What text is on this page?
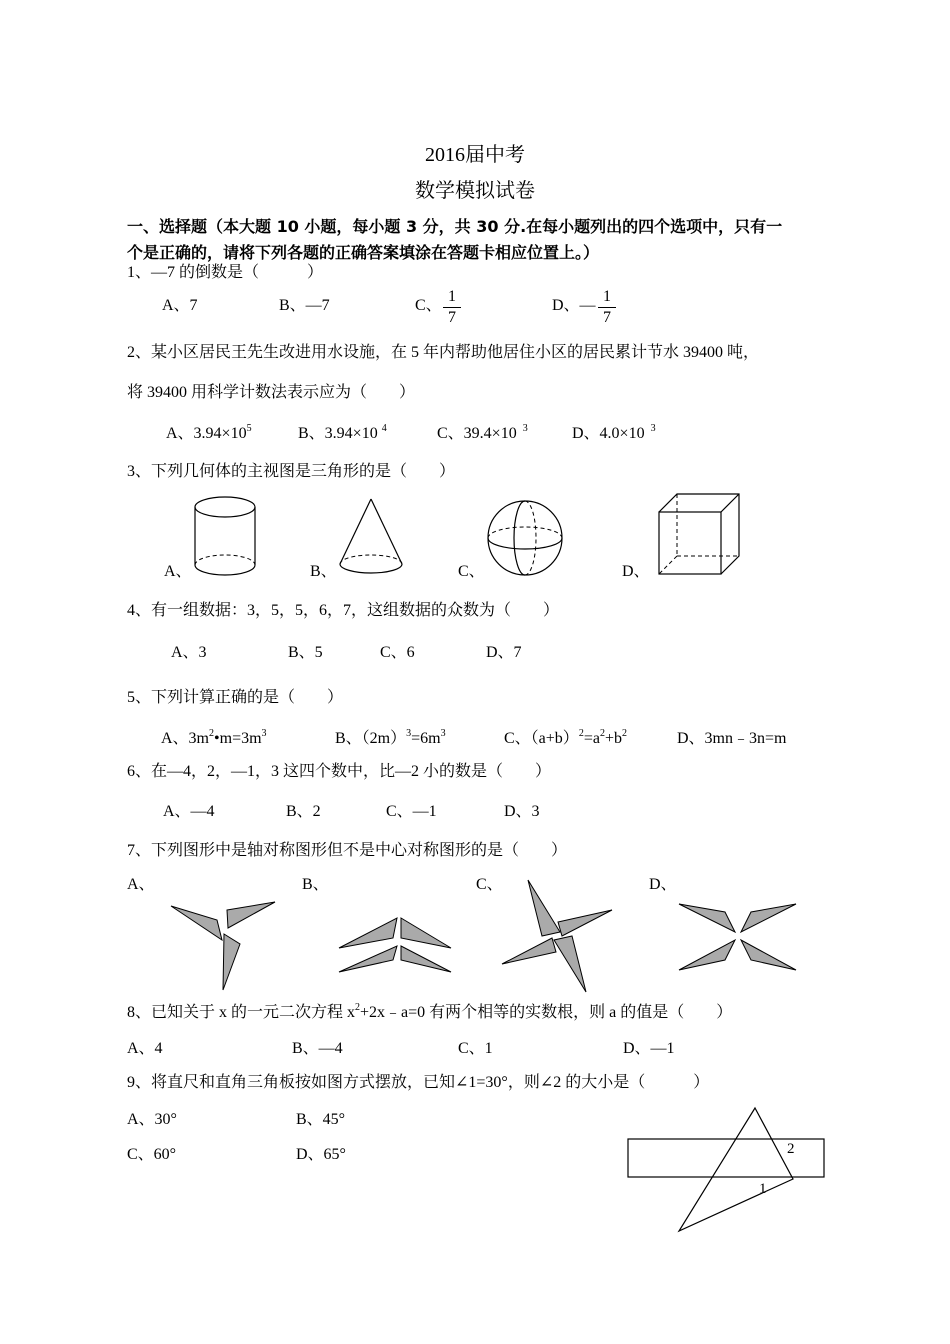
2016届中考
数学模拟试卷
一、选择题（本大题 10 小题，每小题 3 分，共 30 分.在每小题列出的四个选项中，只有一
个是正确的，请将下列各题的正确答案填涂在答题卡相应位置上。）
1、—7 的倒数是（　　　）
A、7	B、—7	C、
1
7
D、—
1
7
2、某小区居民王先生改进用水设施，在 5 年内帮助他居住小区的居民累计节水 39400 吨，
将 39400 用科学计数法表示应为（　　）
A、$3.94\times 10^5$	B、3.94×10 $^4$	C、39.4×10 $^3$	D、4.0×10 $^3$
3、下列几何体的主视图是三角形的是（　　）
A、	B、	C、	D、
4、有一组数据：3，5，5，6，7，这组数据的众数为（　　）
A、3	B、5	C、6	D、7
5、下列计算正确的是（　　）
A、$3m^2•m=3m^3$	B、$(2m)^3=6m^3$	C、$(a+b)^2=a^2+b^2$	D、3mn﹣3n=m
6、在—4，2，—1，3 这四个数中，比—2 小的数是（　　）
A、—4	B、2	C、—1	D、3
7、下列图形中是轴对称图形但不是中心对称图形的是（　　）
A、	B、	C、	D、
8、已知关于 x 的一元二次方程 $x^2+2x﹣a=0$ 有两个相等的实数根，则 a 的值是（　　）
A、4	B、—4	C、1	D、—1
9、将直尺和直角三角板按如图方式摆放，已知∠1=30°，则∠2 的大小是（　　　）
A、30°	B、45°
C、60°	D、65°	2
1
